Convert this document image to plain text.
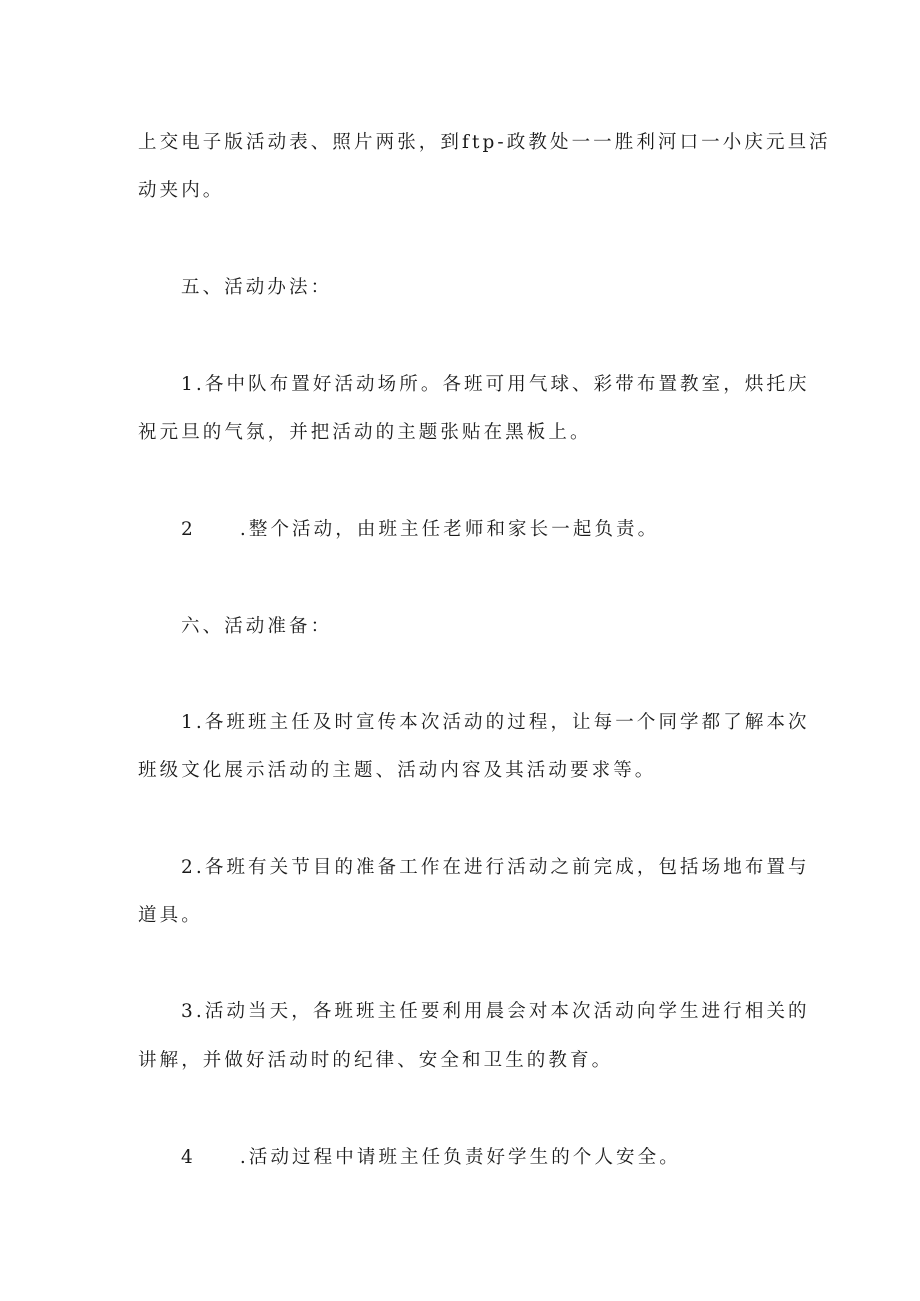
上交电子版活动表、照片两张，到ftp-政教处一一胜利河口一小庆元旦活
动夹内。
五、活动办法：
1.各中队布置好活动场所。各班可用气球、彩带布置教室，烘托庆
祝元旦的气氛，并把活动的主题张贴在黑板上。
2 .整个活动，由班主任老师和家长一起负责。
六、活动准备：
1.各班班主任及时宣传本次活动的过程，让每一个同学都了解本次
班级文化展示活动的主题、活动内容及其活动要求等。
2.各班有关节目的准备工作在进行活动之前完成，包括场地布置与
道具。
3.活动当天，各班班主任要利用晨会对本次活动向学生进行相关的
讲解，并做好活动时的纪律、安全和卫生的教育。
4 .活动过程中请班主任负责好学生的个人安全。
